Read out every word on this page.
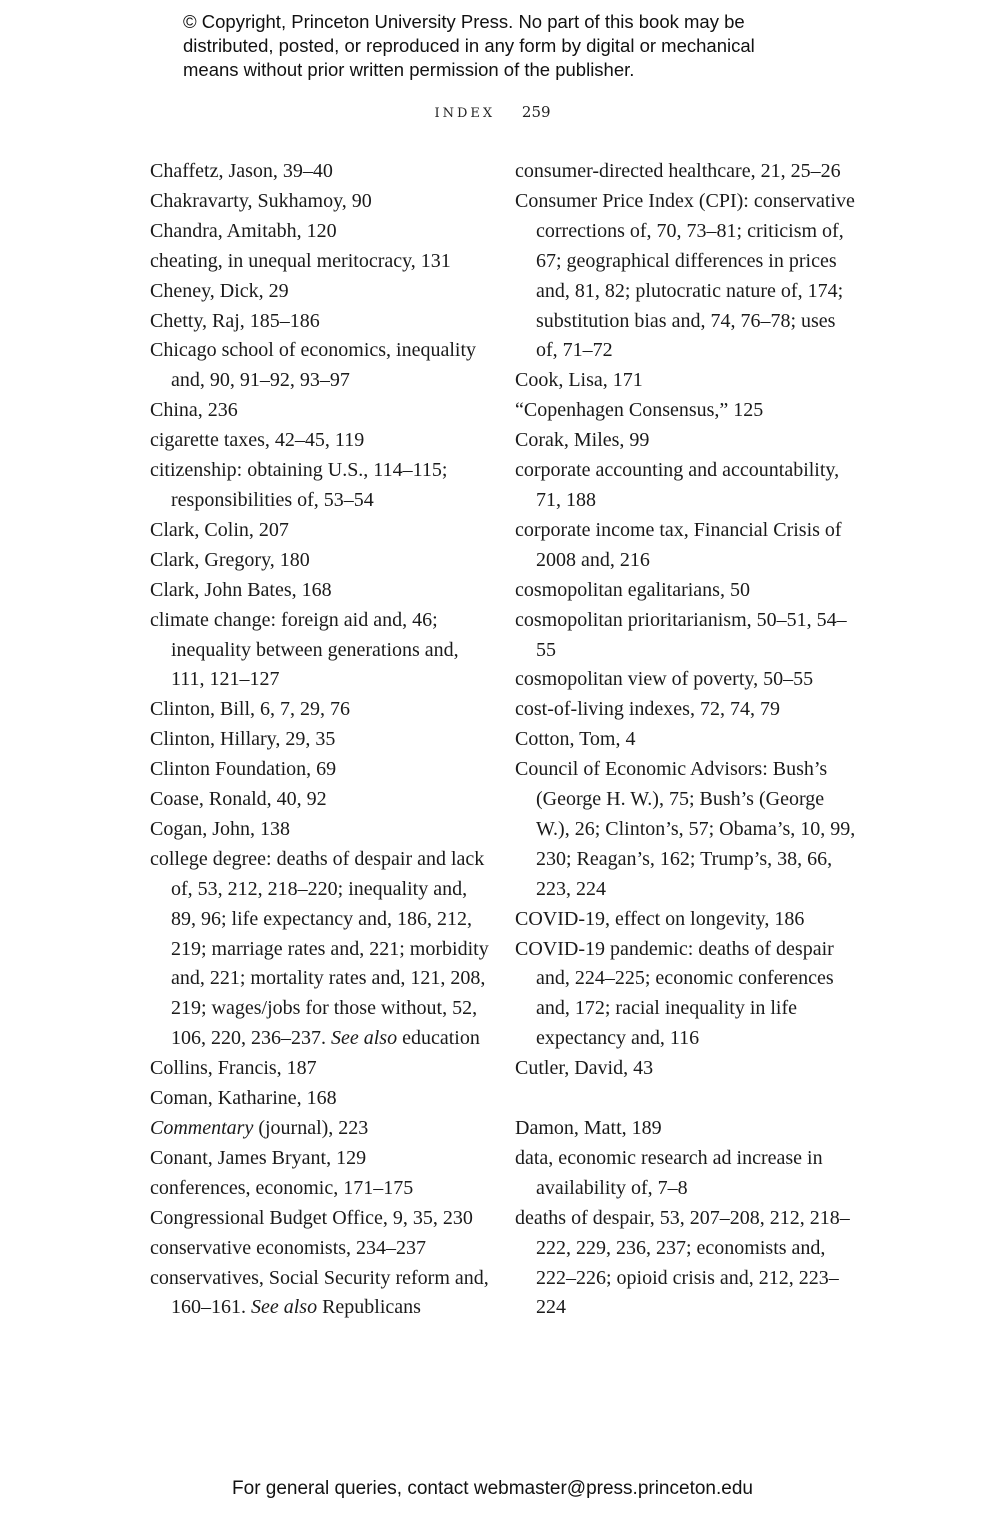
© Copyright, Princeton University Press. No part of this book may be
distributed, posted, or reproduced in any form by digital or mechanical
means without prior written permission of the publisher.
INDEX 259
Chaffetz, Jason, 39–40
Chakravarty, Sukhamoy, 90
Chandra, Amitabh, 120
cheating, in unequal meritocracy, 131
Cheney, Dick, 29
Chetty, Raj, 185–186
Chicago school of economics, inequality and, 90, 91–92, 93–97
China, 236
cigarette taxes, 42–45, 119
citizenship: obtaining U.S., 114–115; responsibilities of, 53–54
Clark, Colin, 207
Clark, Gregory, 180
Clark, John Bates, 168
climate change: foreign aid and, 46; inequality between generations and, 111, 121–127
Clinton, Bill, 6, 7, 29, 76
Clinton, Hillary, 29, 35
Clinton Foundation, 69
Coase, Ronald, 40, 92
Cogan, John, 138
college degree: deaths of despair and lack of, 53, 212, 218–220; inequality and, 89, 96; life expectancy and, 186, 212, 219; marriage rates and, 221; morbidity and, 221; mortality rates and, 121, 208, 219; wages/jobs for those without, 52, 106, 220, 236–237. See also education
Collins, Francis, 187
Coman, Katharine, 168
Commentary (journal), 223
Conant, James Bryant, 129
conferences, economic, 171–175
Congressional Budget Office, 9, 35, 230
conservative economists, 234–237
conservatives, Social Security reform and, 160–161. See also Republicans
consumer-directed healthcare, 21, 25–26
Consumer Price Index (CPI): conservative corrections of, 70, 73–81; criticism of, 67; geographical differences in prices and, 81, 82; plutocratic nature of, 174; substitution bias and, 74, 76–78; uses of, 71–72
Cook, Lisa, 171
“Copenhagen Consensus,” 125
Corak, Miles, 99
corporate accounting and accountability, 71, 188
corporate income tax, Financial Crisis of 2008 and, 216
cosmopolitan egalitarians, 50
cosmopolitan prioritarianism, 50–51, 54–55
cosmopolitan view of poverty, 50–55
cost-of-living indexes, 72, 74, 79
Cotton, Tom, 4
Council of Economic Advisors: Bush’s (George H. W.), 75; Bush’s (George W.), 26; Clinton’s, 57; Obama’s, 10, 99, 230; Reagan’s, 162; Trump’s, 38, 66, 223, 224
COVID-19, effect on longevity, 186
COVID-19 pandemic: deaths of despair and, 224–225; economic conferences and, 172; racial inequality in life expectancy and, 116
Cutler, David, 43
Damon, Matt, 189
data, economic research ad increase in availability of, 7–8
deaths of despair, 53, 207–208, 212, 218–222, 229, 236, 237; economists and, 222–226; opioid crisis and, 212, 223–224
For general queries, contact webmaster@press.princeton.edu
